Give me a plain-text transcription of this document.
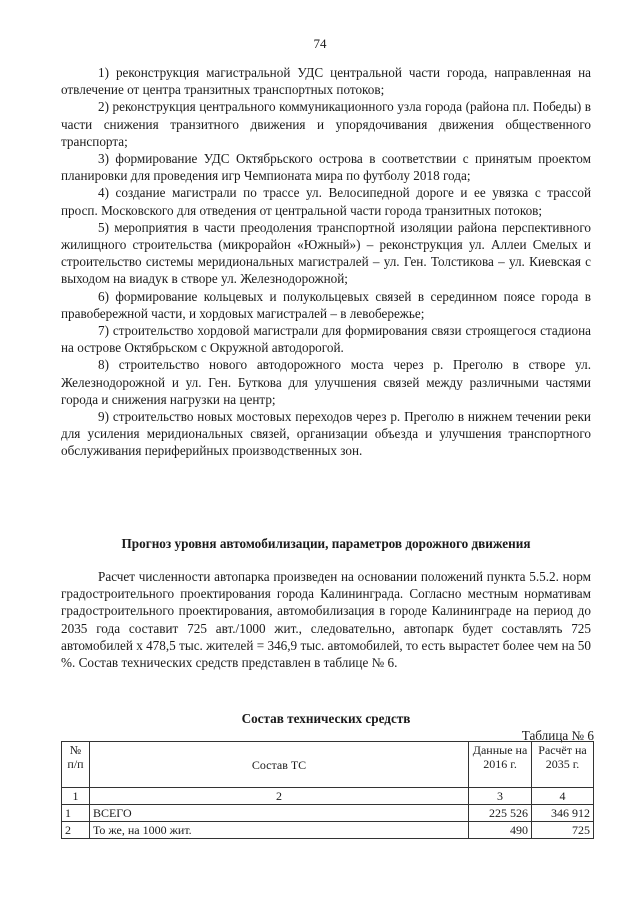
74

1) реконструкция магистральной УДС центральной части города, направленная на отвлечение от центра транзитных транспортных потоков;

2) реконструкция центрального коммуникационного узла города (района пл. Победы) в части снижения транзитного движения и упорядочивания движения общественного транспорта;

3) формирование УДС Октябрьского острова в соответствии с принятым проектом планировки для проведения игр Чемпионата мира по футболу 2018 года;

4) создание магистрали по трассе ул. Велосипедной дороге и ее увязка с трассой просп. Московского для отведения от центральной части города транзитных потоков;

5) мероприятия в части преодоления транспортной изоляции района перспективного жилищного строительства (микрорайон «Южный») – реконструкция ул. Аллеи Смелых и строительство системы меридиональных магистралей – ул. Ген. Толстикова – ул. Киевская с выходом на виадук в створе ул. Железнодорожной;

6) формирование кольцевых и полукольцевых связей в серединном поясе города в правобережной части, и хордовых магистралей – в левобережье;

7) строительство хордовой магистрали для формирования связи строящегося стадиона на острове Октябрьском с Окружной автодорогой.

8) строительство нового автодорожного моста через р. Преголю в створе ул. Железнодорожной и ул. Ген. Буткова для улучшения связей между различными частями города и снижения нагрузки на центр;

9) строительство новых мостовых переходов через р. Преголю в нижнем течении реки для усиления меридиональных связей, организации объезда и улучшения транспортного обслуживания периферийных производственных зон.

Прогноз уровня автомобилизации, параметров дорожного движения

Расчет численности автопарка произведен на основании положений пункта 5.5.2. норм градостроительного проектирования города Калининграда. Согласно местным нормативам градостроительного проектирования, автомобилизация в городе Калининграде на период до 2035 года составит 725 авт./1000 жит., следовательно, автопарк будет составлять 725 автомобилей х 478,5 тыс. жителей = 346,9 тыс. автомобилей, то есть вырастет более чем на 50 %. Состав технических средств представлен в таблице № 6.

Состав технических средств
Таблица № 6
№ п/п	Состав ТС	Данные на 2016 г.	Расчёт на 2035 г.
1	2	3	4
1	ВСЕГО	225 526	346 912
2	То же, на 1000 жит.	490	725
